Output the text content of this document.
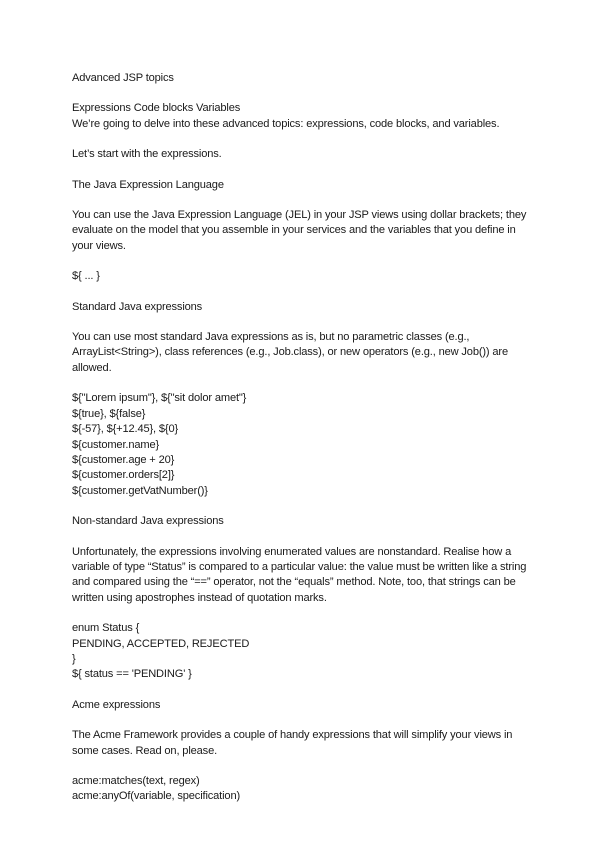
Advanced JSP topics

Expressions Code blocks Variables

We’re going to delve into these advanced topics: expressions, code blocks, and variables.

Let’s start with the expressions.

The Java Expression Language

You can use the Java Expression Language (JEL) in your JSP views using dollar brackets; they evaluate on the model that you assemble in your services and the variables that you define in your views.

${ ... }

Standard Java expressions

You can use most standard Java expressions as is, but no parametric classes (e.g., ArrayList<String>), class references (e.g., Job.class), or new operators (e.g., new Job()) are allowed.

${"Lorem ipsum"}, ${"sit dolor amet"}

${true}, ${false}

${-57}, ${+12.45}, ${0}

${customer.name}

${customer.age + 20}

${customer.orders[2]}

${customer.getVatNumber()}

Non-standard Java expressions

Unfortunately, the expressions involving enumerated values are nonstandard. Realise how a variable of type “Status” is compared to a particular value: the value must be written like a string and compared using the “==” operator, not the “equals” method. Note, too, that strings can be written using apostrophes instead of quotation marks.

enum Status {

PENDING, ACCEPTED, REJECTED

}

${ status == 'PENDING' }

Acme expressions

The Acme Framework provides a couple of handy expressions that will simplify your views in some cases. Read on, please.

acme:matches(text, regex)

acme:anyOf(variable, specification)
